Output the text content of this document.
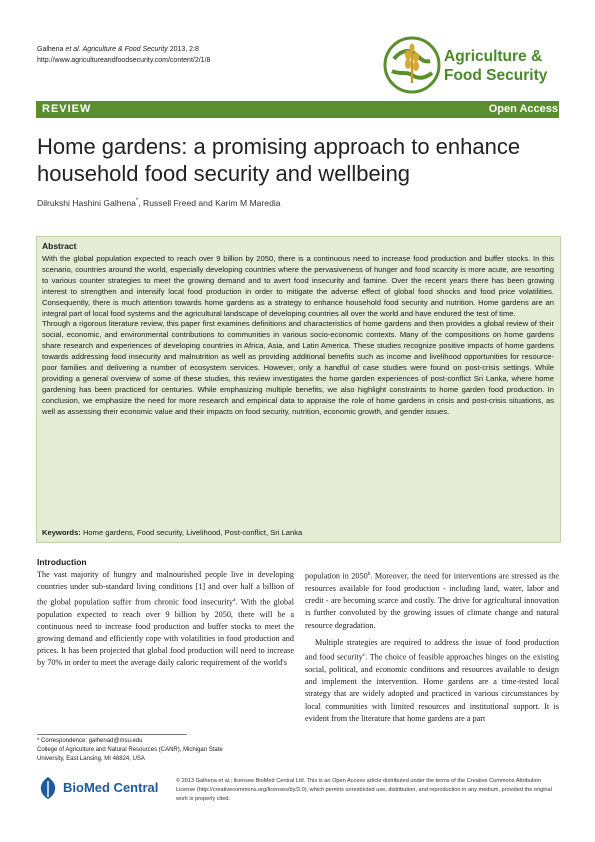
Galhena et al. Agriculture & Food Security 2013, 2:8
http://www.agricultureandfoodsecurity.com/content/2/1/8	Agriculture &
Food Security
REVIEW	Open Access
Home gardens: a promising approach to enhance household food security and wellbeing
Dilrukshi Hashini Galhena*, Russell Freed and Karim M Maredia
Abstract

With the global population expected to reach over 9 billion by 2050, there is a continuous need to increase food production and buffer stocks. In this scenario, countries around the world, especially developing countries where the pervasiveness of hunger and food scarcity is more acute, are resorting to various counter strategies to meet the growing demand and to avert food insecurity and famine. Over the recent years there has been growing interest to strengthen and intensify local food production in order to mitigate the adverse effect of global food shocks and food price volatilities. Consequently, there is much attention towards home gardens as a strategy to enhance household food security and nutrition. Home gardens are an integral part of local food systems and the agricultural landscape of developing countries all over the world and have endured the test of time.

Through a rigorous literature review, this paper first examines definitions and characteristics of home gardens and then provides a global review of their social, economic, and environmental contributions to communities in various socio-economic contexts. Many of the compositions on home gardens share research and experiences of developing countries in Africa, Asia, and Latin America. These studies recognize positive impacts of home gardens towards addressing food insecurity and malnutrition as well as providing additional benefits such as income and livelihood opportunities for resource-poor families and delivering a number of ecosystem services. However, only a handful of case studies were found on post-crisis settings. While providing a general overview of some of these studies, this review investigates the home garden experiences of post-conflict Sri Lanka, where home gardening has been practiced for centuries. While emphasizing multiple benefits, we also highlight constraints to home garden food production. In conclusion, we emphasize the need for more research and empirical data to appraise the role of home gardens in crisis and post-crisis situations, as well as assessing their economic value and their impacts on food security, nutrition, economic growth, and gender issues.

Keywords: Home gardens, Food security, Livelihood, Post-conflict, Sri Lanka
Introduction

The vast majority of hungry and malnourished people live in developing countries under sub-standard living conditions [1] and over half a billion of the global population suffer from chronic food insecurity$^a$. With the global population expected to reach over 9 billion by 2050, there will be a continuous need to increase food production and buffer stocks to meet the growing demand and efficiently cope with volatilities in food production and prices. It has been projected that global food production will need to increase by 70% in order to meet the average daily caloric requirement of the world's

population in 2050$^b$. Moreover, the need for interventions are stressed as the resources available for food production - including land, water, labor and credit - are becoming scarce and costly. The drive for agricultural innovation is further convoluted by the growing issues of climate change and natural resource degradation.

Multiple strategies are required to address the issue of food production and food security$^c$. The choice of feasible approaches hinges on the existing social, political, and economic conditions and resources available to design and implement the intervention. Home gardens are a time-tested local strategy that are widely adopted and practiced in various circumstances by local communities with limited resources and institutional support. It is evident from the literature that home gardens are a part

* Correspondence: galhenad@msu.edu
College of Agriculture and Natural Resources (CANR), Michigan State
University, East Lansing, MI 48824, USA
BioMed Central	© 2013 Galhena et al.; licensee BioMed Central Ltd. This is an Open Access article distributed under the terms of the Creative Commons Attribution License (http://creativecommons.org/licenses/by/2.0), which permits unrestricted use, distribution, and reproduction in any medium, provided the original work is properly cited.
